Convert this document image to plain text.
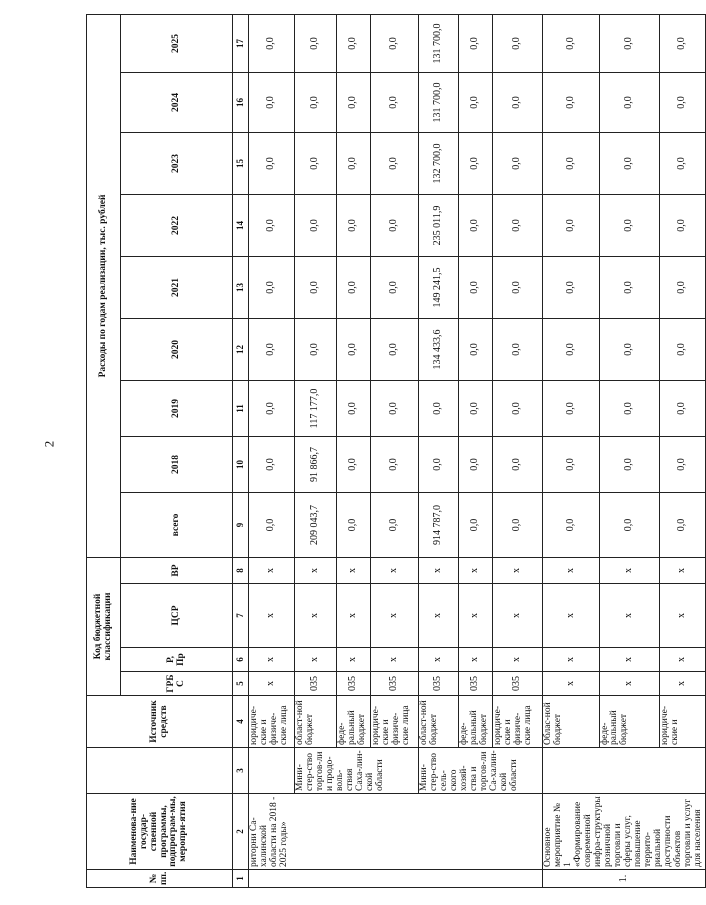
2
№ пп.	Наименова-ние государ-ственной программы, подпрограм-мы, меропри-ятия		Источник средств	Код бюджетной классификации				Расходы по годам реализации, тыс. рублей								
				ГРБ С	Р, Пр	ЦСР	ВР	всего	2018	2019	2020	2021	2022	2023	2024	2025
1	2	3	4	5	6	7	8	9	10	11	12	13	14	15	16	17
	риторни Са-халинской области на 2018 - 2025 годы»		юридиче-ские и физиче-ские лица	х	х	х	х	0,0	0,0	0,0	0,0	0,0	0,0	0,0	0,0	0,0
		Мини-стер-ство торгов-ли и продо-воль-ствия Саха-лин-ской области	област-ной бюджет	035	х	х	х	209 043,7	91 866,7	117 177,0	0,0	0,0	0,0	0,0	0,0	0,0
			феде-ральный бюджет	035	х	х	х	0,0	0,0	0,0	0,0	0,0	0,0	0,0	0,0	0,0
			юридиче-ские и физиче-ские лица	035	х	х	х	0,0	0,0	0,0	0,0	0,0	0,0	0,0	0,0	0,0
		Мини-стер-ство сель-ского хозяй-ства и торгов-ли Са-халин-ской области	област-ной бюджет	035	х	х	х	914 787,0	0,0	0,0	134 433,6	149 241,5	235 011,9	132 700,0	131 700,0	131 700,0
			феде-ральный бюджет	035	х	х	х	0,0	0,0	0,0	0,0	0,0	0,0	0,0	0,0	0,0
			юридиче-ские и физиче-ские лица	035	х	х	х	0,0	0,0	0,0	0,0	0,0	0,0	0,0	0,0	0,0
1.	Основное мероприятие № 1 «Формирование современной инфра-структуры розничной торговли и сферы услуг, повышение террито-риальной доступности объектов торговли и услуг для населения		Облас-ной бюджет	х	х	х	х	0,0	0,0	0,0	0,0	0,0	0,0	0,0	0,0	0,0
			феде-ральный бюджет	х	х	х	х	0,0	0,0	0,0	0,0	0,0	0,0	0,0	0,0	0,0
			юридиче-ские и	х	х	х	х	0,0	0,0	0,0	0,0	0,0	0,0	0,0	0,0	0,0
